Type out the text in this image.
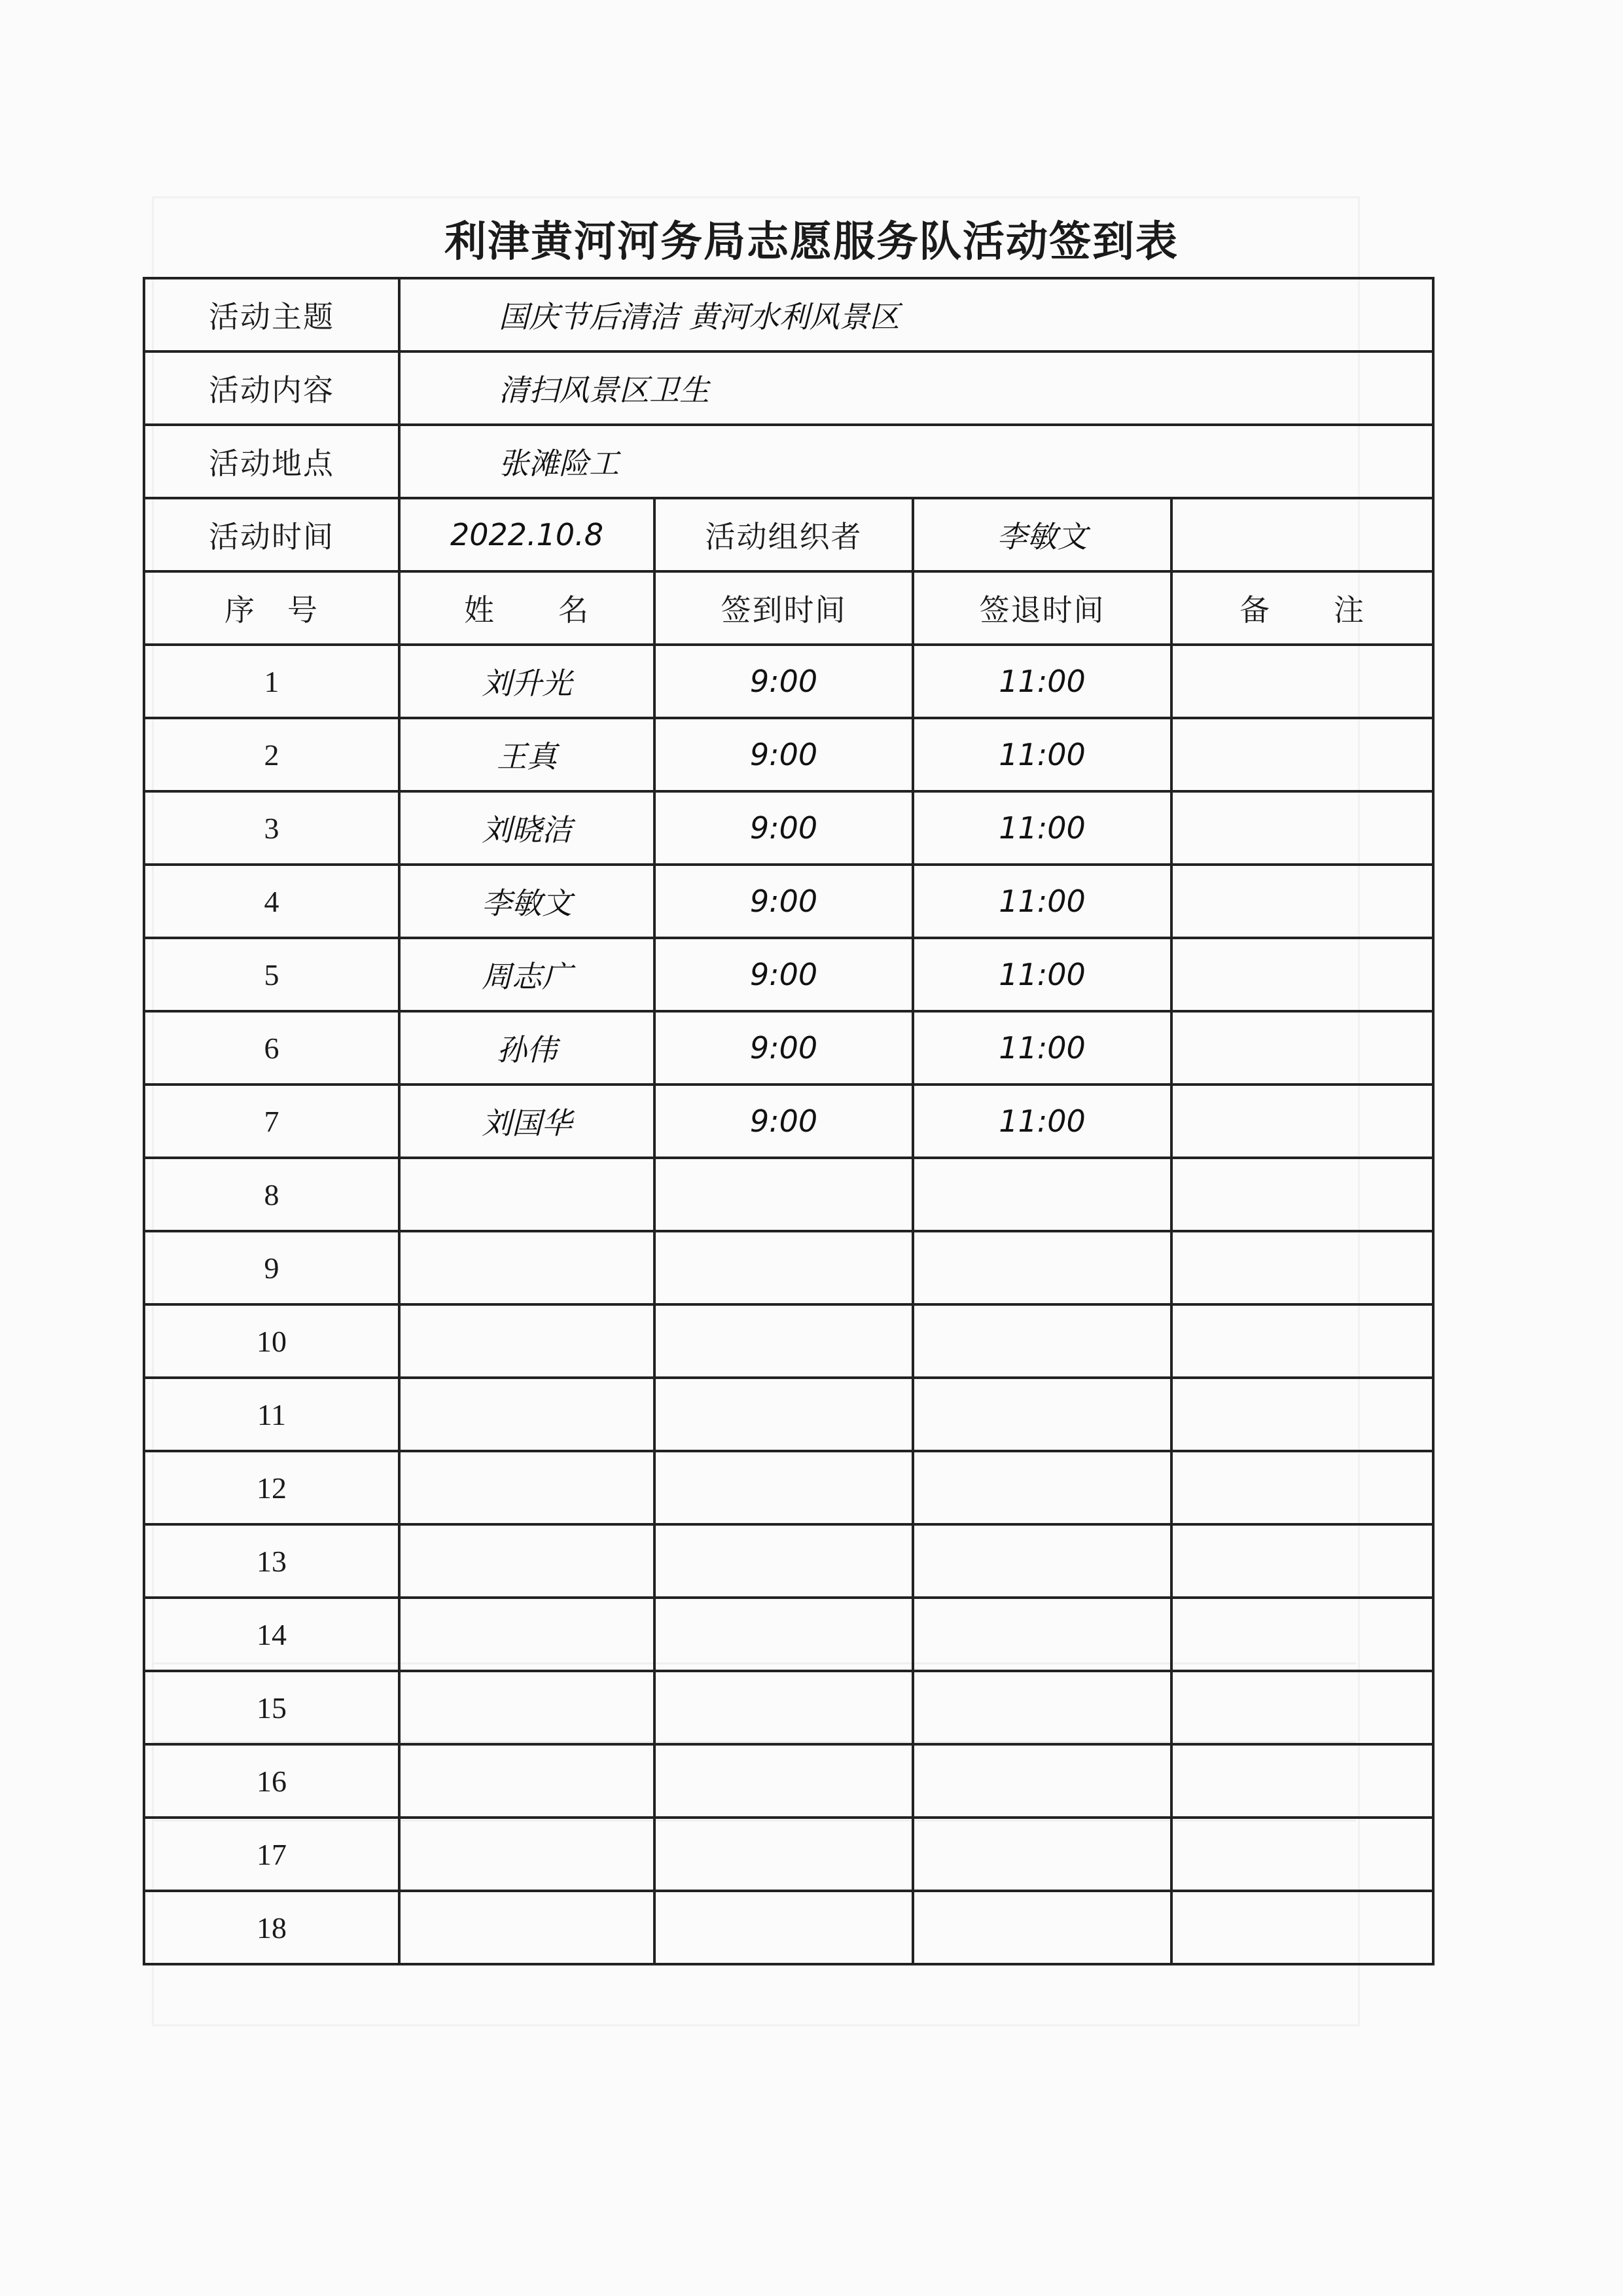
利津黄河河务局志愿服务队活动签到表
活动主题	国庆节后清洁 黄河水利风景区			
活动内容	清扫风景区卫生			
活动地点	张滩险工			
活动时间	2022.10.8	活动组织者	李敏文	
序　号	姓　　名	签到时间	签退时间	备　　注
1	刘升光	9:00	11:00	
2	王真	9:00	11:00	
3	刘晓洁	9:00	11:00	
4	李敏文	9:00	11:00	
5	周志广	9:00	11:00	
6	孙伟	9:00	11:00	
7	刘国华	9:00	11:00	
8				
9				
10				
11				
12				
13				
14				
15				
16				
17				
18				
